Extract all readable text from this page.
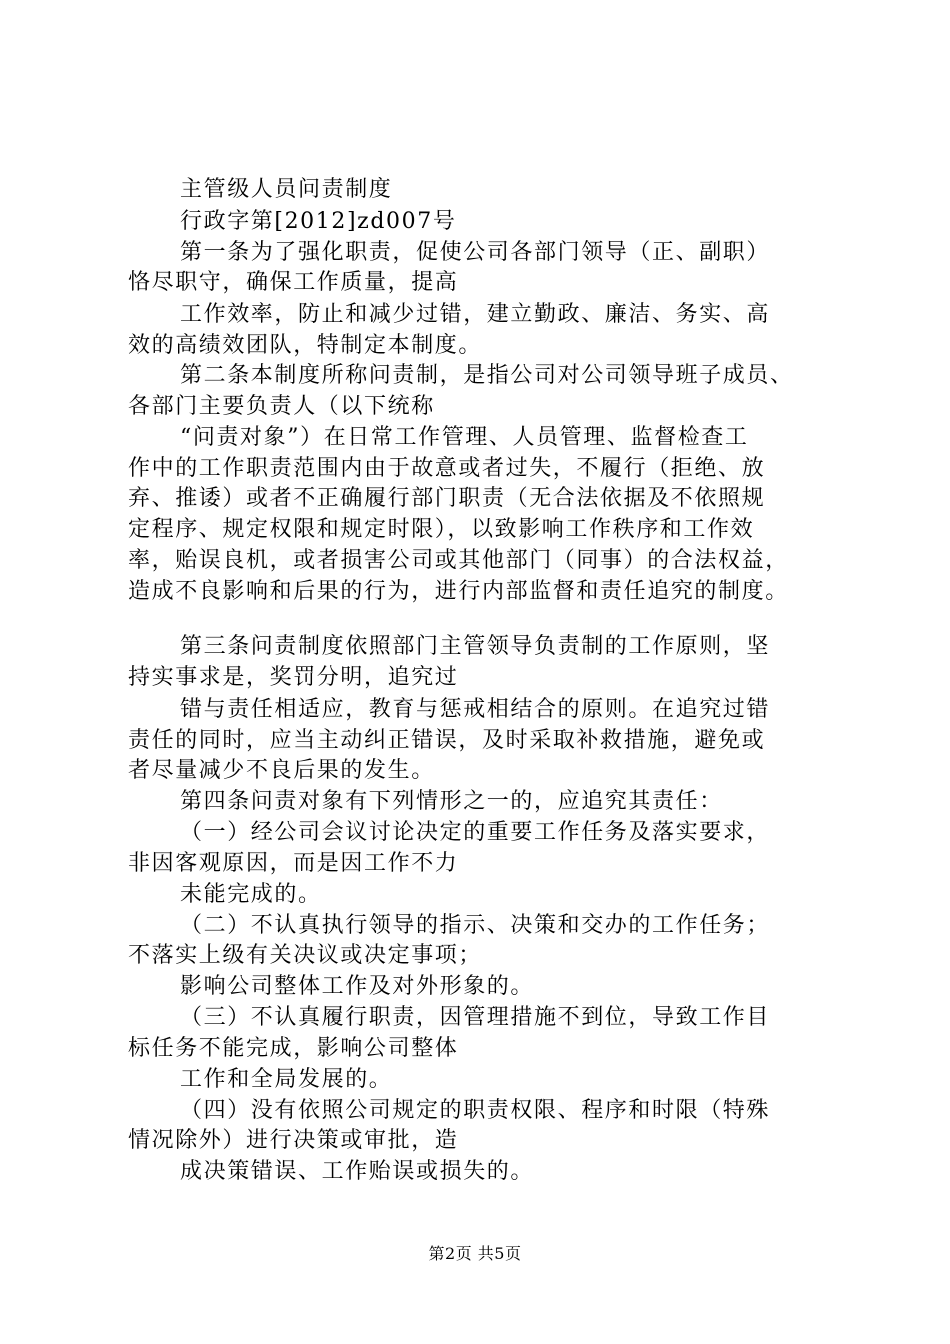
主管级人员问责制度
行政字第[2012]zd007号
第一条为了强化职责，促使公司各部门领导（正、副职）
恪尽职守，确保工作质量，提高
工作效率，防止和减少过错，建立勤政、廉洁、务实、高
效的高绩效团队，特制定本制度。
第二条本制度所称问责制，是指公司对公司领导班子成员、
各部门主要负责人（以下统称
“问责对象”）在日常工作管理、人员管理、监督检查工
作中的工作职责范围内由于故意或者过失，不履行（拒绝、放
弃、推诿）或者不正确履行部门职责（无合法依据及不依照规
定程序、规定权限和规定时限），以致影响工作秩序和工作效
率，贻误良机，或者损害公司或其他部门（同事）的合法权益，
造成不良影响和后果的行为，进行内部监督和责任追究的制度。
第三条问责制度依照部门主管领导负责制的工作原则，坚
持实事求是，奖罚分明，追究过
错与责任相适应，教育与惩戒相结合的原则。在追究过错
责任的同时，应当主动纠正错误，及时采取补救措施，避免或
者尽量减少不良后果的发生。
第四条问责对象有下列情形之一的，应追究其责任：
（一）经公司会议讨论决定的重要工作任务及落实要求，
非因客观原因，而是因工作不力
未能完成的。
（二）不认真执行领导的指示、决策和交办的工作任务；
不落实上级有关决议或决定事项；
影响公司整体工作及对外形象的。
（三）不认真履行职责，因管理措施不到位，导致工作目
标任务不能完成，影响公司整体
工作和全局发展的。
（四）没有依照公司规定的职责权限、程序和时限（特殊
情况除外）进行决策或审批，造
成决策错误、工作贻误或损失的。
第2页 共5页
